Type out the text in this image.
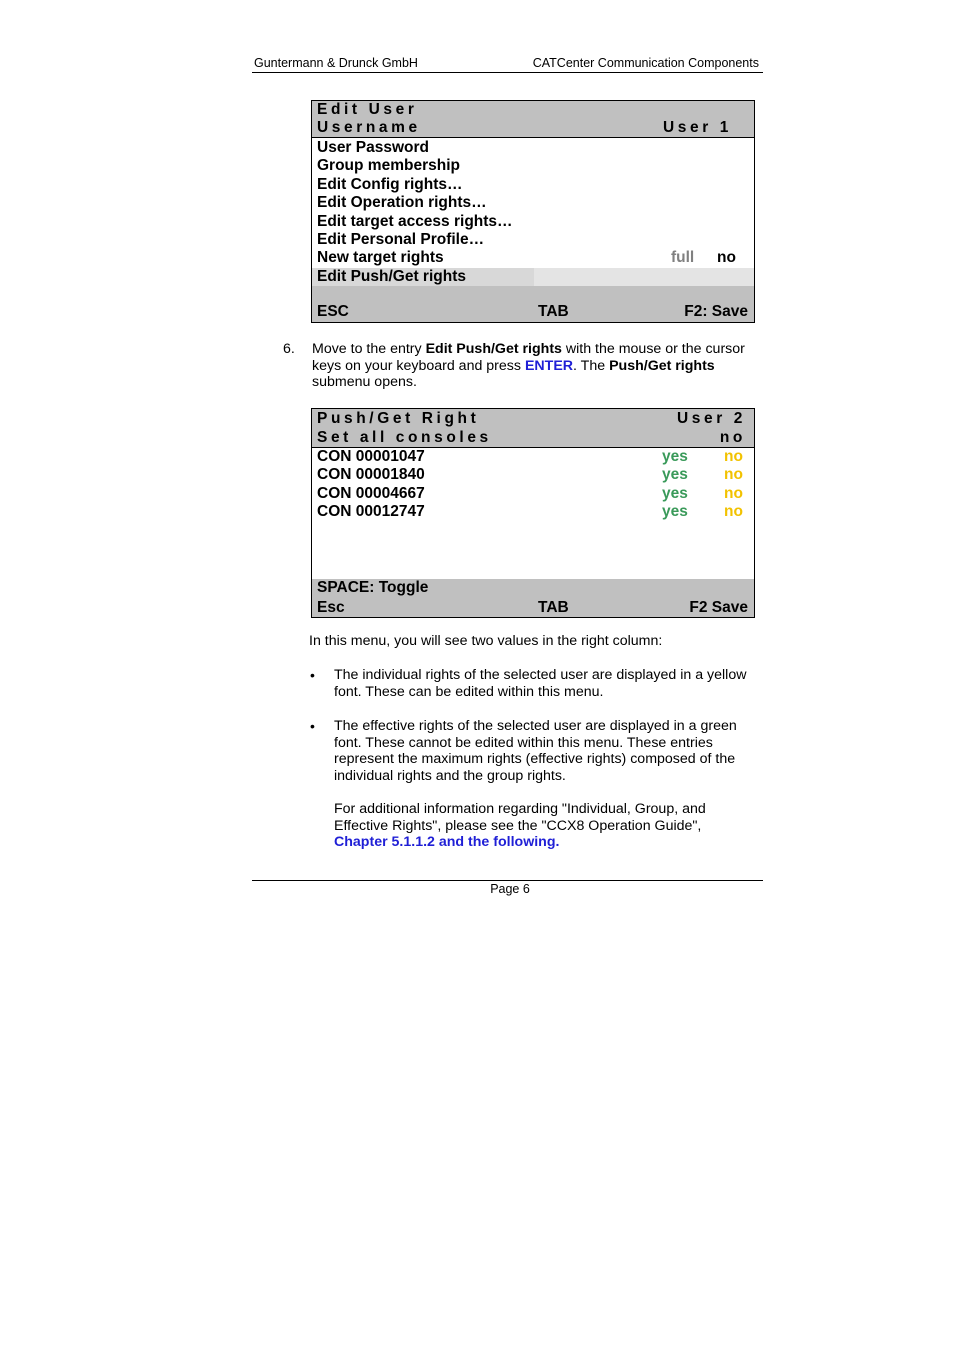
Guntermann & Drunck GmbH	CATCenter Communication Components
Edit User
Username	User 1
User Password
Group membership
Edit Config rights…
Edit Operation rights…
Edit target access rights…
Edit Personal Profile…
New target rights	full no
Edit Push/Get rights
ESC	TAB	F2: Save
6. Move to the entry Edit Push/Get rights with the mouse or the cursor
keys on your keyboard and press ENTER. The Push/Get rights
submenu opens.
Push/Get Right	User 2
Set all consoles	no
CON 00001047	yes no
CON 00001840	yes no
CON 00004667	yes no
CON 00012747	yes no
SPACE: Toggle
Esc	TAB	F2 Save
In this menu, you will see two values in the right column:
• The individual rights of the selected user are displayed in a yellow
font. These can be edited within this menu.
• The effective rights of the selected user are displayed in a green
font. These cannot be edited within this menu. These entries
represent the maximum rights (effective rights) composed of the
individual rights and the group rights.
For additional information regarding "Individual, Group, and
Effective Rights", please see the "CCX8 Operation Guide",
Chapter 5.1.1.2 and the following.
Page 6
